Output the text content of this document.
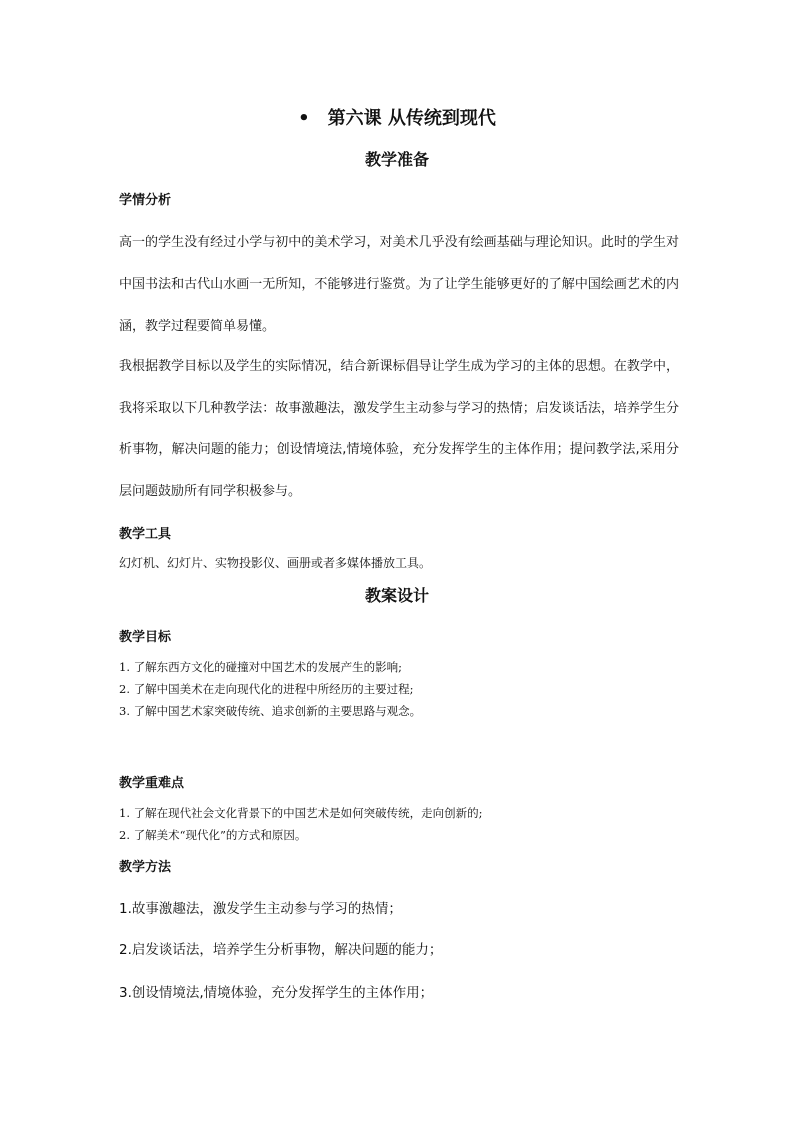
• 第六课 从传统到现代
教学准备
学情分析

高一的学生没有经过小学与初中的美术学习，对美术几乎没有绘画基础与理论知识。此时的学生对中国书法和古代山水画一无所知，不能够进行鉴赏。为了让学生能够更好的了解中国绘画艺术的内涵，教学过程要简单易懂。

我根据教学目标以及学生的实际情况，结合新课标倡导让学生成为学习的主体的思想。在教学中，我将采取以下几种教学法：故事激趣法，激发学生主动参与学习的热情；启发谈话法，培养学生分析事物，解决问题的能力；创设情境法,情境体验，充分发挥学生的主体作用；提问教学法,采用分层问题鼓励所有同学积极参与。

教学工具
幻灯机、幻灯片、实物投影仪、画册或者多媒体播放工具。
教案设计
教学目标
1. 了解东西方文化的碰撞对中国艺术的发展产生的影响;
2. 了解中国美术在走向现代化的进程中所经历的主要过程;
3. 了解中国艺术家突破传统、追求创新的主要思路与观念。
教学重难点
1. 了解在现代社会文化背景下的中国艺术是如何突破传统，走向创新的;
2. 了解美术“现代化”的方式和原因。
教学方法
1.故事激趣法，激发学生主动参与学习的热情；
2.启发谈话法，培养学生分析事物，解决问题的能力；
3.创设情境法,情境体验，充分发挥学生的主体作用；
